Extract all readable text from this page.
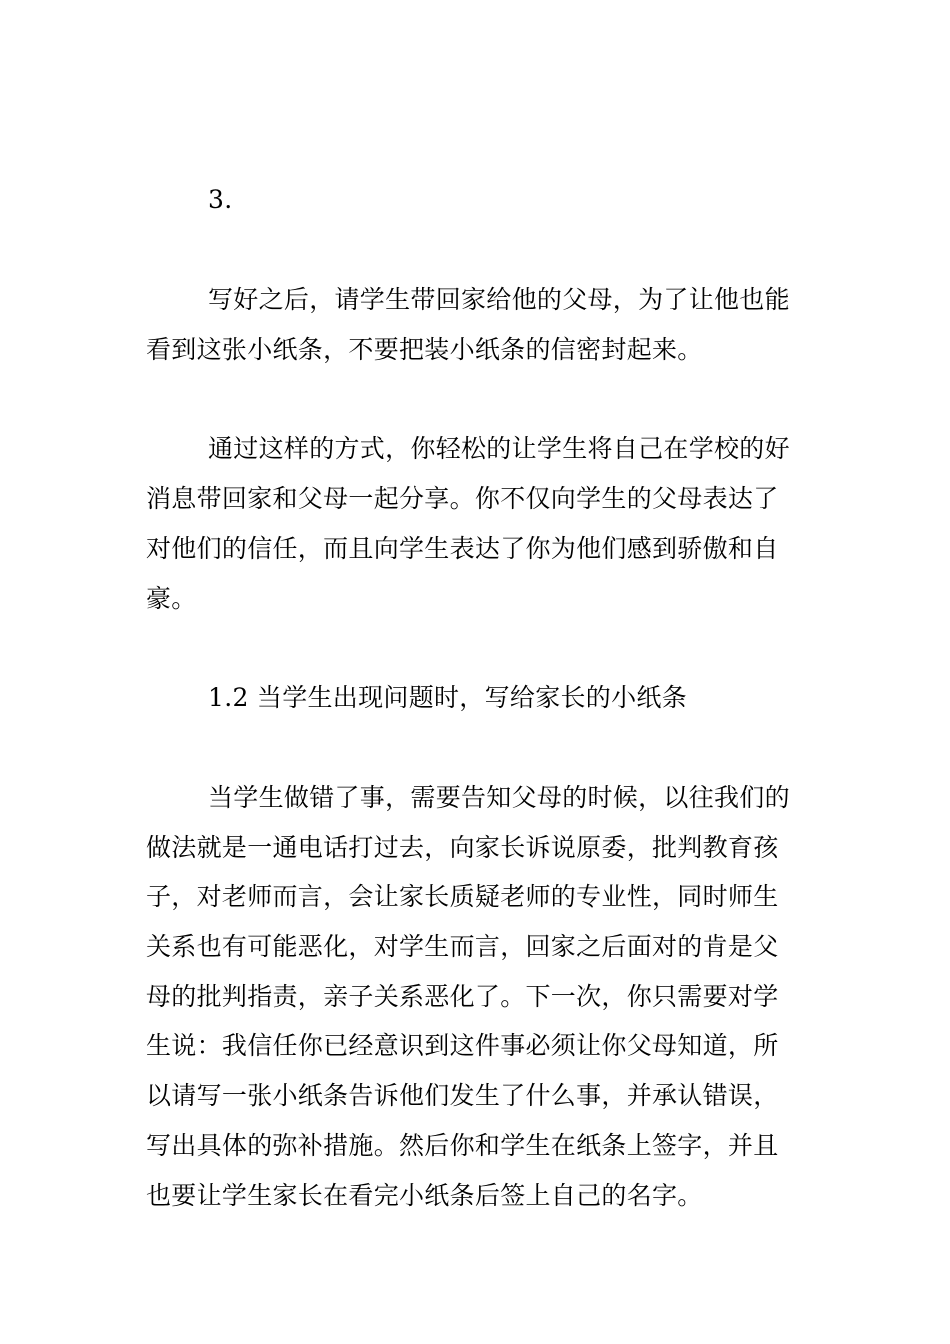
3.
写好之后，请学生带回家给他的父母，为了让他也能
看到这张小纸条，不要把装小纸条的信密封起来。
通过这样的方式，你轻松的让学生将自己在学校的好
消息带回家和父母一起分享。你不仅向学生的父母表达了
对他们的信任，而且向学生表达了你为他们感到骄傲和自
豪。
1.2 当学生出现问题时，写给家长的小纸条
当学生做错了事，需要告知父母的时候，以往我们的
做法就是一通电话打过去，向家长诉说原委，批判教育孩
子，对老师而言，会让家长质疑老师的专业性，同时师生
关系也有可能恶化，对学生而言，回家之后面对的肯是父
母的批判指责，亲子关系恶化了。下一次，你只需要对学
生说：我信任你已经意识到这件事必须让你父母知道，所
以请写一张小纸条告诉他们发生了什么事，并承认错误，
写出具体的弥补措施。然后你和学生在纸条上签字，并且
也要让学生家长在看完小纸条后签上自己的名字。
